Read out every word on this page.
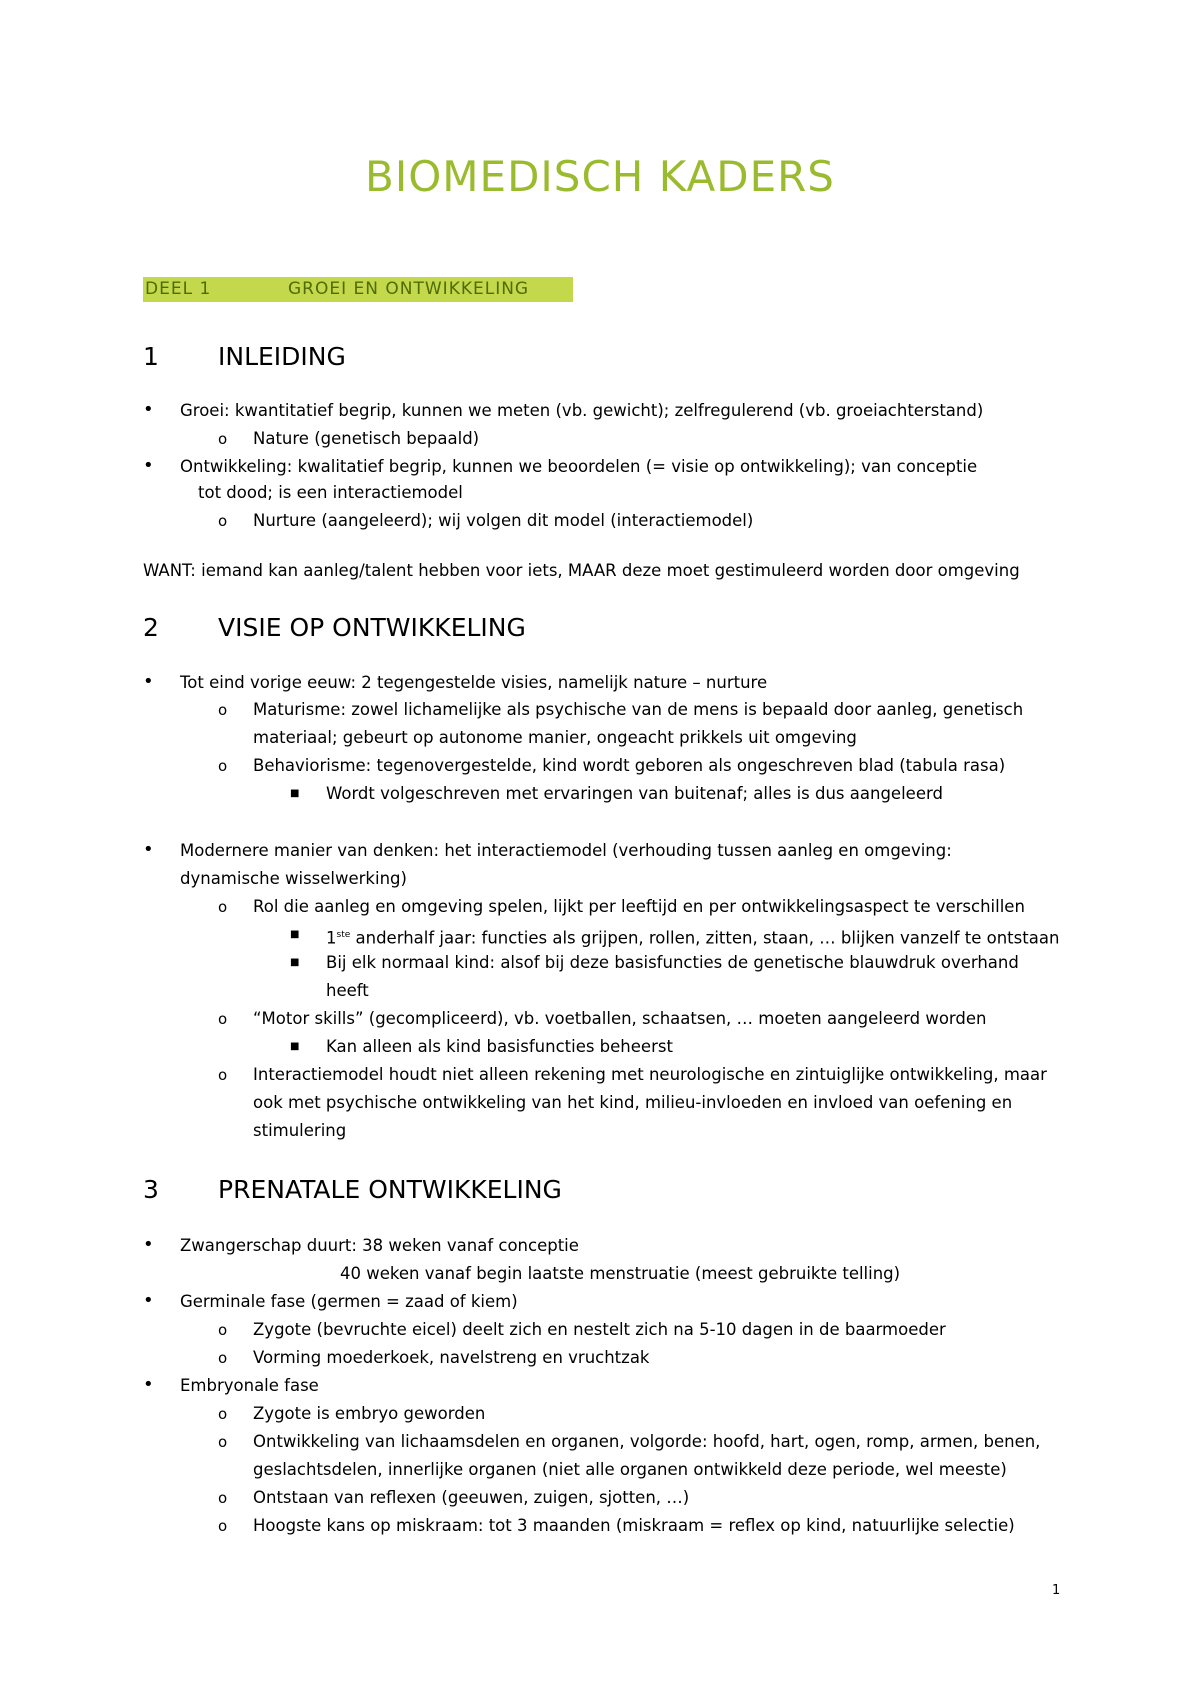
BIOMEDISCH KADERS
DEEL 1	GROEI EN ONTWIKKELING
1	INLEIDING
• Groei: kwantitatief begrip, kunnen we meten (vb. gewicht); zelfregulerend (vb. groeiachterstand)
o Nature (genetisch bepaald)
• Ontwikkeling: kwalitatief begrip, kunnen we beoordelen (= visie op ontwikkeling); van conceptie
tot dood; is een interactiemodel
o Nurture (aangeleerd); wij volgen dit model (interactiemodel)
WANT: iemand kan aanleg/talent hebben voor iets, MAAR deze moet gestimuleerd worden door omgeving
2	VISIE OP ONTWIKKELING
• Tot eind vorige eeuw: 2 tegengestelde visies, namelijk nature – nurture
o Maturisme: zowel lichamelijke als psychische van de mens is bepaald door aanleg, genetisch
materiaal; gebeurt op autonome manier, ongeacht prikkels uit omgeving
o Behaviorisme: tegenovergestelde, kind wordt geboren als ongeschreven blad (tabula rasa)
■ Wordt volgeschreven met ervaringen van buitenaf; alles is dus aangeleerd
• Modernere manier van denken: het interactiemodel (verhouding tussen aanleg en omgeving:
dynamische wisselwerking)
o Rol die aanleg en omgeving spelen, lijkt per leeftijd en per ontwikkelingsaspect te verschillen
■ 1ste anderhalf jaar: functies als grijpen, rollen, zitten, staan, … blijken vanzelf te ontstaan
■ Bij elk normaal kind: alsof bij deze basisfuncties de genetische blauwdruk overhand
heeft
o “Motor skills” (gecompliceerd), vb. voetballen, schaatsen, … moeten aangeleerd worden
■ Kan alleen als kind basisfuncties beheerst
o Interactiemodel houdt niet alleen rekening met neurologische en zintuiglijke ontwikkeling, maar
ook met psychische ontwikkeling van het kind, milieu-invloeden en invloed van oefening en
stimulering
3	PRENATALE ONTWIKKELING
• Zwangerschap duurt: 38 weken vanaf conceptie
40 weken vanaf begin laatste menstruatie (meest gebruikte telling)
• Germinale fase (germen = zaad of kiem)
o Zygote (bevruchte eicel) deelt zich en nestelt zich na 5-10 dagen in de baarmoeder
o Vorming moederkoek, navelstreng en vruchtzak
• Embryonale fase
o Zygote is embryo geworden
o Ontwikkeling van lichaamsdelen en organen, volgorde: hoofd, hart, ogen, romp, armen, benen,
geslachtsdelen, innerlijke organen (niet alle organen ontwikkeld deze periode, wel meeste)
o Ontstaan van reflexen (geeuwen, zuigen, sjotten, …)
o Hoogste kans op miskraam: tot 3 maanden (miskraam = reflex op kind, natuurlijke selectie)
1
